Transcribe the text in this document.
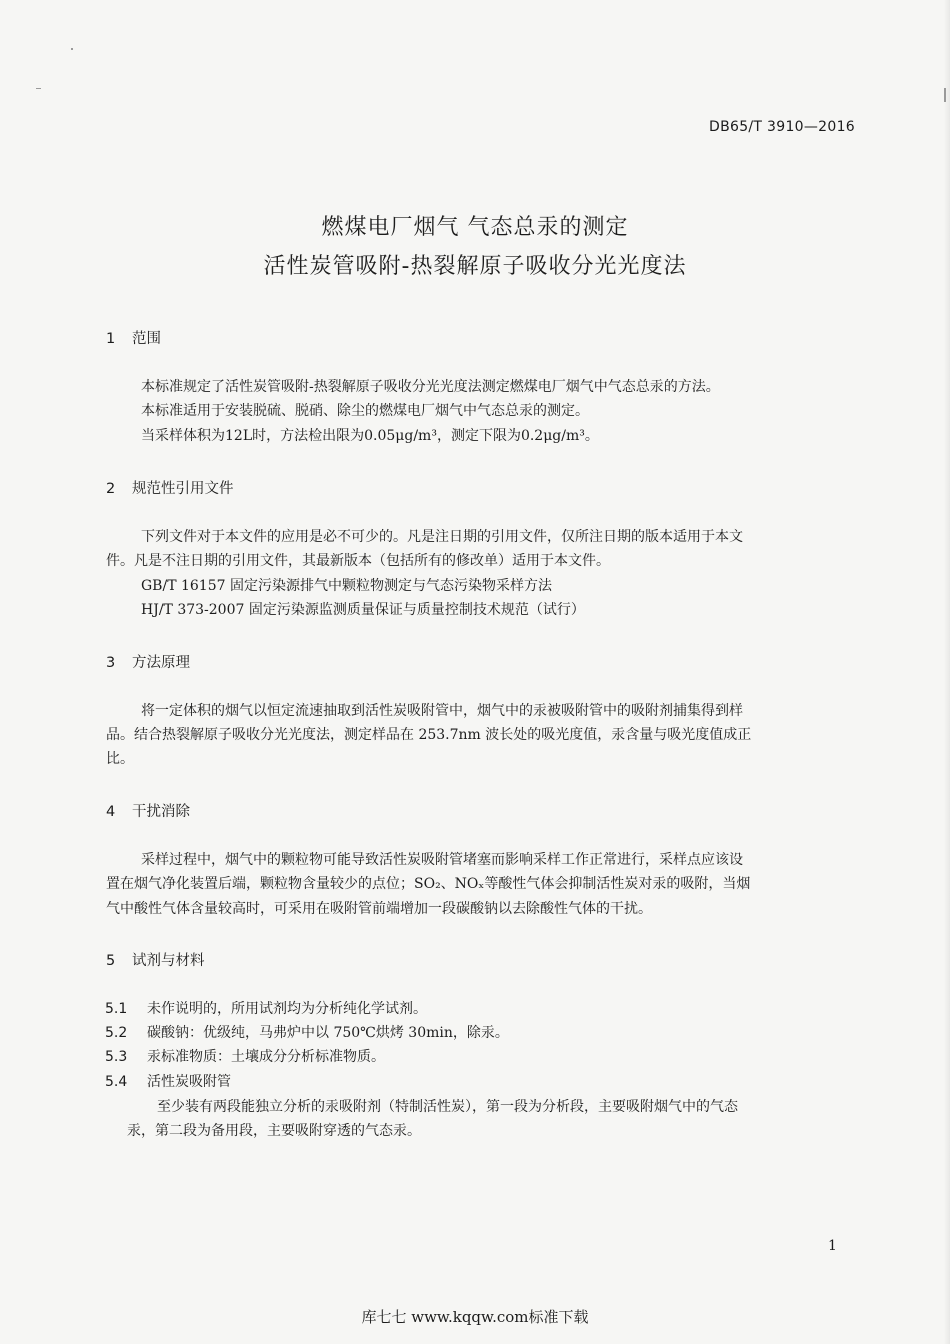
DB65/T 3910—2016
燃煤电厂烟气 气态总汞的测定
活性炭管吸附-热裂解原子吸收分光光度法
1 范围
本标准规定了活性炭管吸附-热裂解原子吸收分光光度法测定燃煤电厂烟气中气态总汞的方法。
本标准适用于安装脱硫、脱硝、除尘的燃煤电厂烟气中气态总汞的测定。
当采样体积为12L时，方法检出限为0.05μg/m³，测定下限为0.2μg/m³。
2 规范性引用文件
下列文件对于本文件的应用是必不可少的。凡是注日期的引用文件，仅所注日期的版本适用于本文
件。凡是不注日期的引用文件，其最新版本（包括所有的修改单）适用于本文件。
GB/T 16157 固定污染源排气中颗粒物测定与气态污染物采样方法
HJ/T 373-2007 固定污染源监测质量保证与质量控制技术规范（试行）
3 方法原理
将一定体积的烟气以恒定流速抽取到活性炭吸附管中，烟气中的汞被吸附管中的吸附剂捕集得到样
品。结合热裂解原子吸收分光光度法，测定样品在 253.7nm 波长处的吸光度值，汞含量与吸光度值成正
比。
4 干扰消除
采样过程中，烟气中的颗粒物可能导致活性炭吸附管堵塞而影响采样工作正常进行，采样点应该设
置在烟气净化装置后端，颗粒物含量较少的点位；SO₂、NOₓ等酸性气体会抑制活性炭对汞的吸附，当烟
气中酸性气体含量较高时，可采用在吸附管前端增加一段碳酸钠以去除酸性气体的干扰。
5 试剂与材料
5.1 未作说明的，所用试剂均为分析纯化学试剂。
5.2 碳酸钠：优级纯，马弗炉中以 750℃烘烤 30min，除汞。
5.3 汞标准物质：土壤成分分析标准物质。
5.4 活性炭吸附管
至少装有两段能独立分析的汞吸附剂（特制活性炭），第一段为分析段，主要吸附烟气中的气态
汞，第二段为备用段，主要吸附穿透的气态汞。
1
库七七 www.kqqw.com标准下载
